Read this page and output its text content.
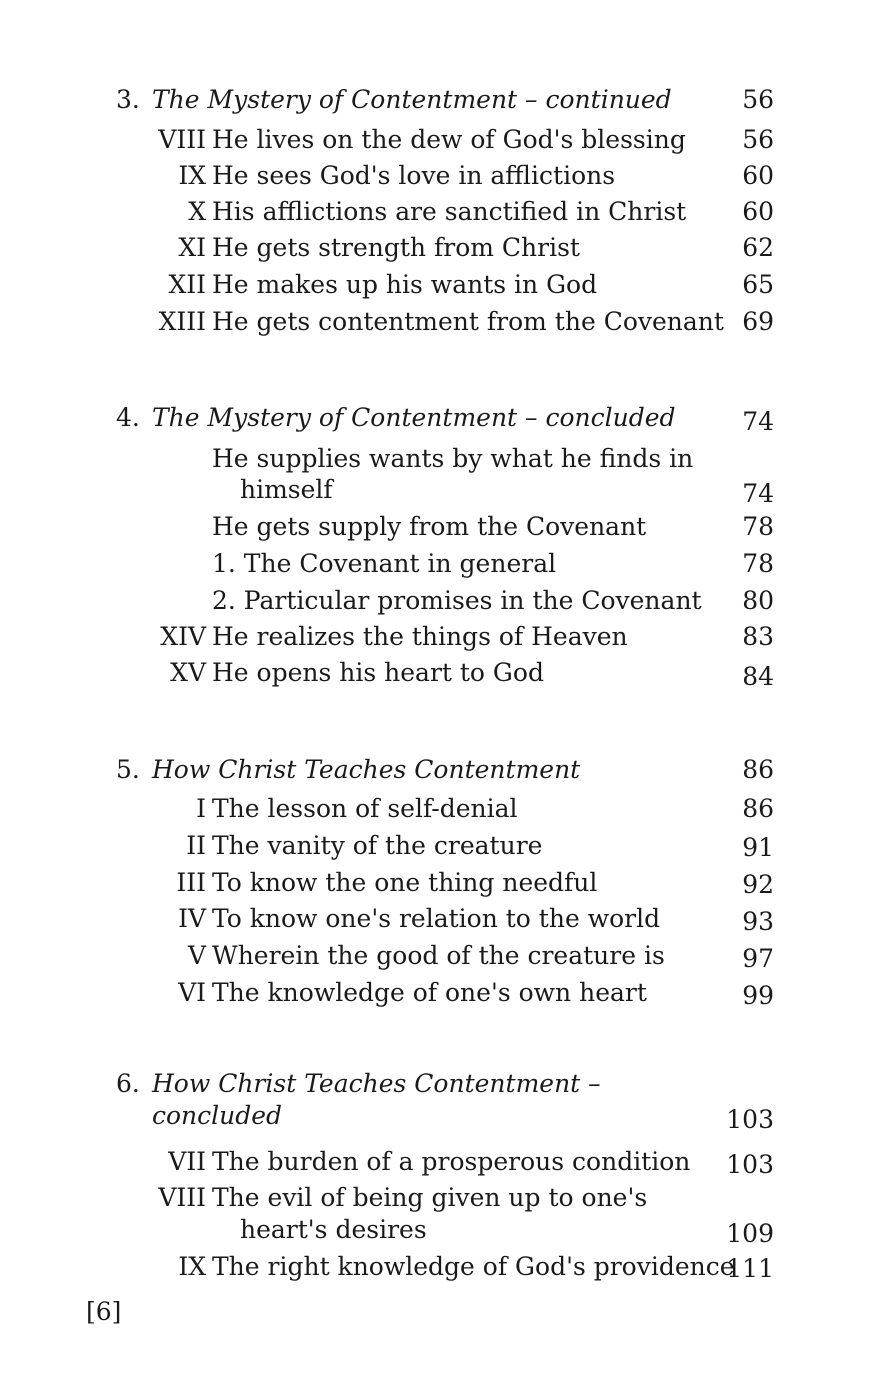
3. The Mystery of Contentment – continued	56
VIII He lives on the dew of God's blessing	56
IX He sees God's love in afflictions	60
X His afflictions are sanctified in Christ	60
XI He gets strength from Christ	62
XII He makes up his wants in God	65
XIII He gets contentment from the Covenant 69
4. The Mystery of Contentment – concluded	74
He supplies wants by what he finds in
himself	74
He gets supply from the Covenant	78
1. The Covenant in general	78
2. Particular promises in the Covenant	80
XIV He realizes the things of Heaven	83
XV He opens his heart to God	84
5. How Christ Teaches Contentment	86
I The lesson of self-denial	86
II The vanity of the creature	91
III To know the one thing needful	92
IV To know one's relation to the world	93
V Wherein the good of the creature is	97
VI The knowledge of one's own heart	99
6. How Christ Teaches Contentment –
concluded	103
VII The burden of a prosperous condition	103
VIII The evil of being given up to one's
heart's desires	109
IX The right knowledge of God's providence
111
[6]
